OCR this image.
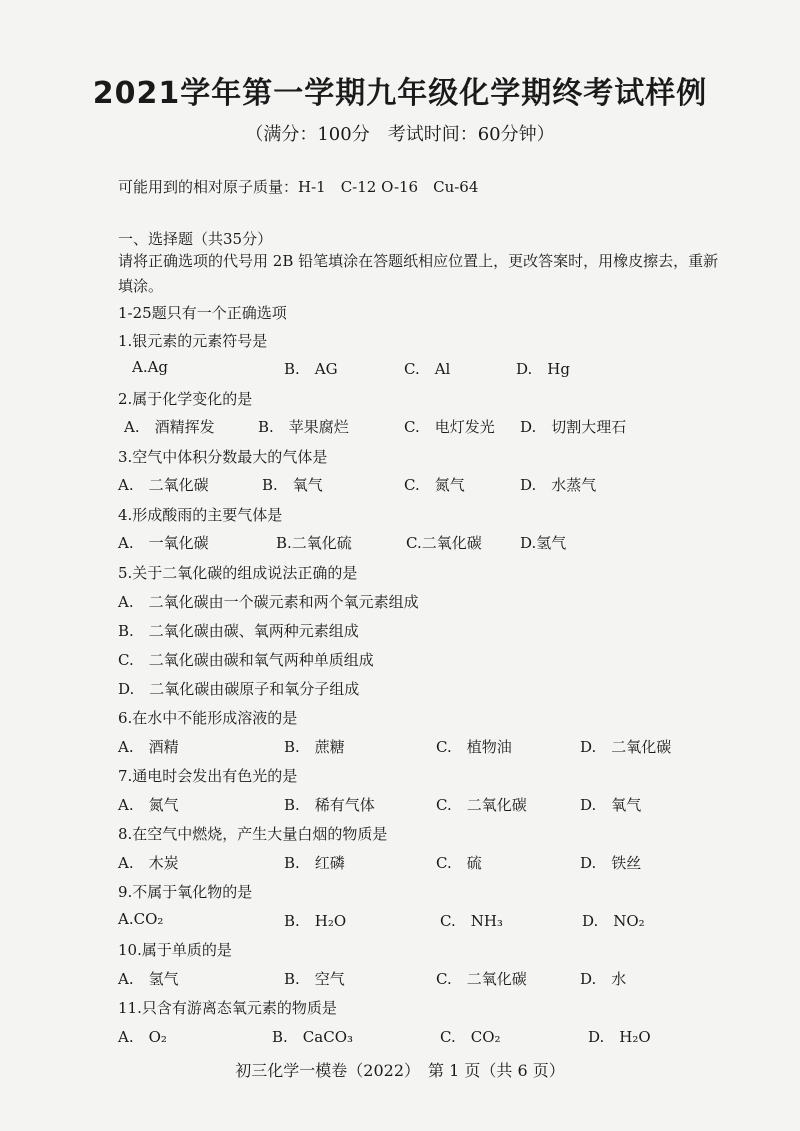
2021学年第一学期九年级化学期终考试样例
（满分：100分　考试时间：60分钟）
可能用到的相对原子质量：H-1　C-12 O-16　Cu-64
一、选择题（共35分）
请将正确选项的代号用 2B 铅笔填涂在答题纸相应位置上，更改答案时，用橡皮擦去，重新
填涂。
1-25题只有一个正确选项
1.银元素的元素符号是
A.Ag	B.　AG	C.　Al	D.　Hg
2.属于化学变化的是
A.　酒精挥发	B.　苹果腐烂	C.　电灯发光 D.　切割大理石
3.空气中体积分数最大的气体是
A.　二氧化碳	B.　氧气	C.　氮气	D.　水蒸气
4.形成酸雨的主要气体是
A.　一氧化碳	B.二氧化硫	C.二氧化碳	D.氢气
5.关于二氧化碳的组成说法正确的是
A.　二氧化碳由一个碳元素和两个氧元素组成
B.　二氧化碳由碳、氧两种元素组成
C.　二氧化碳由碳和氧气两种单质组成
D.　二氧化碳由碳原子和氧分子组成
6.在水中不能形成溶液的是
A.　酒精	B.　蔗糖	C.　植物油	D.　二氧化碳
7.通电时会发出有色光的是
A.　氮气	B.　稀有气体	C.　二氧化碳	D.　氧气
8.在空气中燃烧，产生大量白烟的物质是
A.　木炭	B.　红磷	C.　硫	D.　铁丝
9.不属于氧化物的是
A.CO₂	B.　H₂O	C.　NH₃	D.　NO₂
10.属于单质的是
A.　氢气	B.　空气	C.　二氧化碳	D.　水
11.只含有游离态氧元素的物质是
A.　O₂	B.　CaCO₃	C.　CO₂	D.　H₂O
初三化学一模卷（2022）　第 1 页（共 6 页）
